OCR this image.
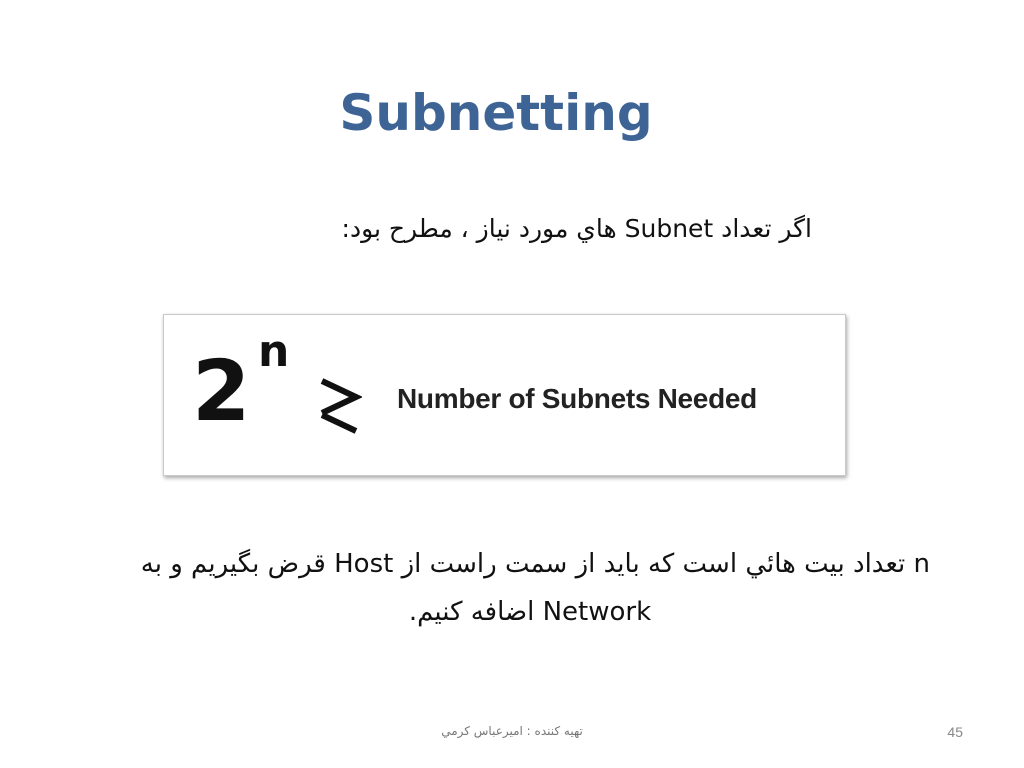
Subnetting
اگر تعداد Subnet هاي مورد نياز ، مطرح بود:
2 n
Number of Subnets Needed
n تعداد بيت هائي است كه بايد از سمت راست از Host قرض بگيريم و به
Network اضافه كنيم.
تهيه كننده : اميرعباس كرمي	45
